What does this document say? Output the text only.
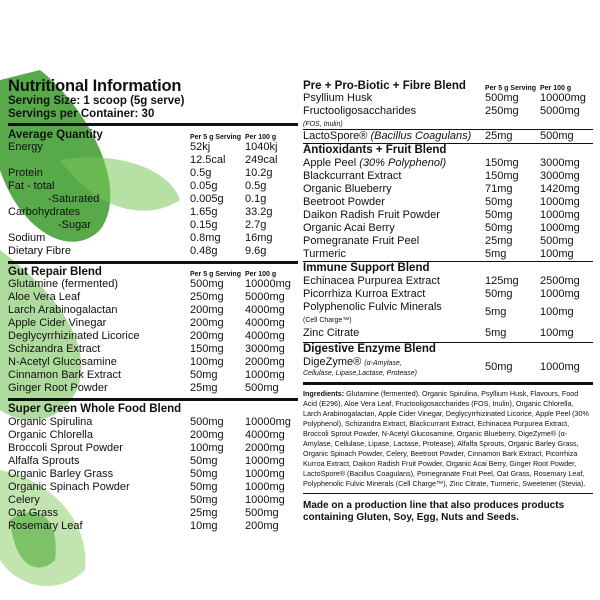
Nutritional Information
Serving Size: 1 scoop (5g serve)
Servings per Container: 30
Average Quantity	Per 5 g Serving Per 100 g
Energy	52kj	1040kj
12.5cal	249cal
Protein	0.5g	10.2g
Fat - total	0.05g	0.5g
-Saturated	0.005g	0.1g
Carbohydrates	1.65g	33.2g
-Sugar	0.15g	2.7g
Sodium	0.8mg	16mg
Dietary Fibre	0.48g	9.6g
Gut Repair Blend	Per 5 g Serving Per 100 g
Glutamine (fermented)	500mg	10000mg
Aloe Vera Leaf	250mg	5000mg
Larch Arabinogalactan	200mg	4000mg
Apple Cider Vinegar	200mg	4000mg
Deglycyrrhizinated Licorice	200mg	4000mg
Schizandra Extract	150mg	3000mg
N-Acetyl Glucosamine	100mg	2000mg
Cinnamon Bark Extract	50mg	1000mg
Ginger Root Powder	25mg	500mg
Super Green Whole Food Blend
Organic Spirulina	500mg	10000mg
Organic Chlorella	200mg	4000mg
Broccoli Sprout Powder	100mg	2000mg
Alfalfa Sprouts	50mg	1000mg
Organic Barley Grass	50mg	1000mg
Organic Spinach Powder	50mg	1000mg
Celery	50mg	1000mg
Oat Grass	25mg	500mg
Rosemary Leaf	10mg	200mg
Pre + Pro-Biotic + Fibre Blend	Per 5 g Serving Per 100 g
Psyllium Husk	500mg	10000mg
Fructooligosaccharides
(FOS, Inulin)
250mg	5000mg
LactoSpore® (Bacillus Coagulans)	25mg	500mg
Antioxidants + Fruit Blend
Apple Peel (30% Polyphenol)	150mg	3000mg
Blackcurrant Extract	150mg	3000mg
Organic Blueberry	71mg	1420mg
Beetroot Powder	50mg	1000mg
Daikon Radish Fruit Powder	50mg	1000mg
Organic Acai Berry	50mg	1000mg
Pomegranate Fruit Peel	25mg	500mg
Turmeric	5mg	100mg
Immune Support Blend
Echinacea Purpurea Extract	125mg	2500mg
Picorrhiza Kurroa Extract	50mg	1000mg
Polyphenolic Fulvic Minerals
(Cell Charge™)
5mg	100mg
Zinc Citrate	5mg	100mg
Digestive Enzyme Blend
DigeZyme® (α-Amylase,
Cellulase, Lipase,Lactase, Protease)
50mg	1000mg
Ingredients: Glutamine (fermented), Organic Spirulina, Psyllium Husk, Flavours, Food Acid (E296), Aloe Vera Leaf, Fructooligosaccharides (FOS, Inulin), Organic Chlorella, Larch Arabinogalactan, Apple Cider Vinegar, Deglycyrrhizinated Licorice, Apple Peel (30% Polyphenol), Schizandra Extract, Blackcurrant Extract, Echinacea Purpurea Extract, Broccoli Sprout Powder, N-Acetyl Glucosamine, Organic Blueberry, DigeZyme® (α-Amylase, Cellulase, Lipase, Lactase, Protease), Alfalfa Sprouts, Organic Barley Grass, Organic Spinach Powder, Celery, Beetroot Powder, Cinnamon Bark Extract, Picorrhiza Kurroa Extract, Daikon Radish Fruit Powder, Organic Acai Berry, Ginger Root Powder, LactoSpore® (Bacillus Coagulans), Pomegranate Fruit Peel, Oat Grass, Rosemary Leaf, Polyphenolic Fulvic Minerals (Cell Charge™), Zinc Citrate, Turmeric, Sweetener (Stevia).
Made on a production line that also produces products containing Gluten, Soy, Egg, Nuts and Seeds.
